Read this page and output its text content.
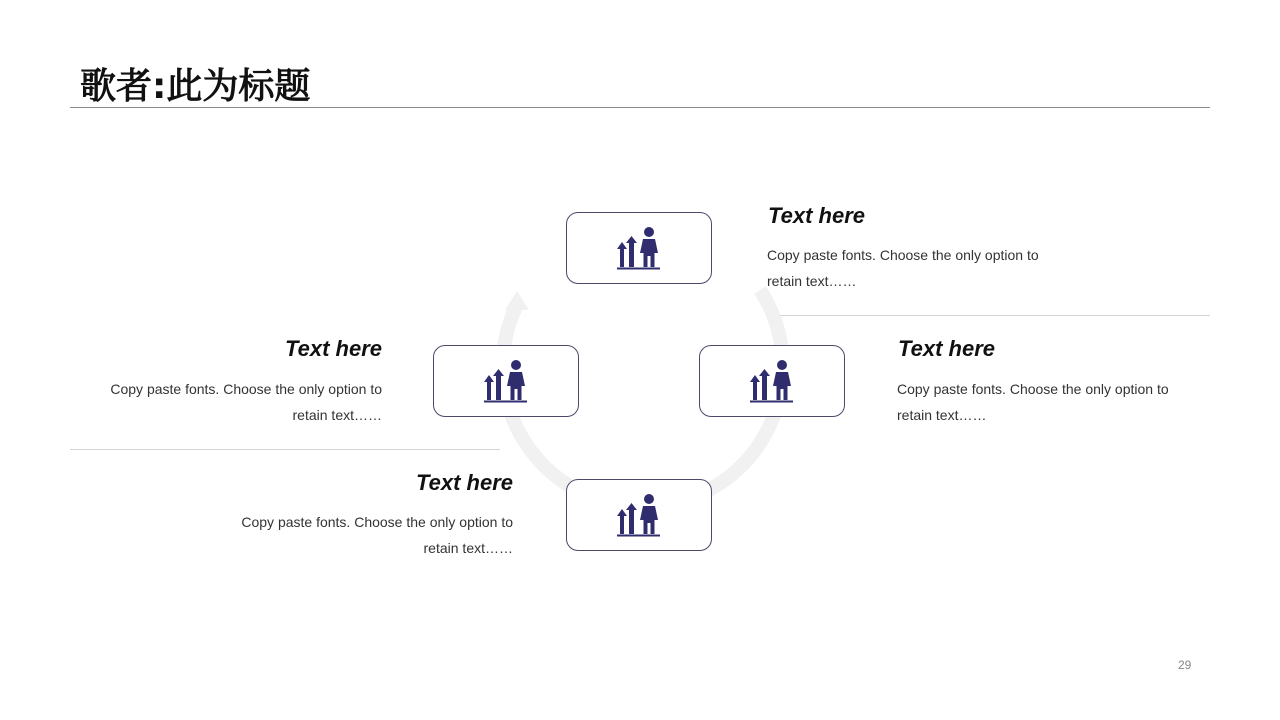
歌者:此为标题
Text here
Copy paste fonts. Choose the only option to retain text……
Text here
Copy paste fonts. Choose the only option to retain text……
Text here
Copy paste fonts. Choose the only option to retain text……
Text here
Copy paste fonts. Choose the only option to retain text……
29
